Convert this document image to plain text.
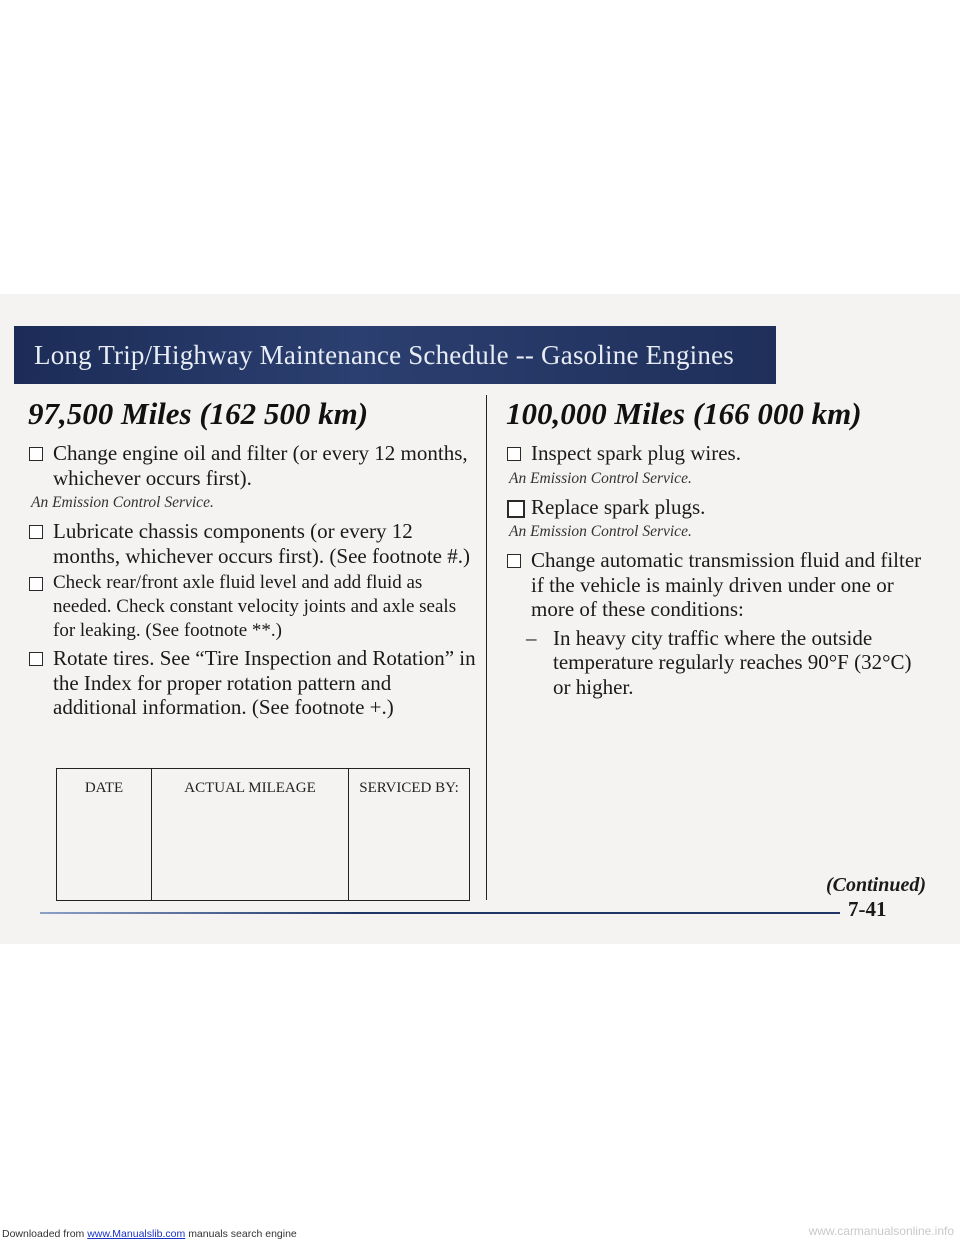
Long Trip/Highway Maintenance Schedule -- Gasoline Engines
97,500 Miles (162 500 km)
Change engine oil and filter (or every 12 months, whichever occurs first).
An Emission Control Service.
Lubricate chassis components (or every 12 months, whichever occurs first). (See footnote #.)
Check rear/front axle fluid level and add fluid as needed. Check constant velocity joints and axle seals for leaking. (See footnote **.)
Rotate tires. See “Tire Inspection and Rotation” in the Index for proper rotation pattern and additional information. (See footnote +.)
DATE	ACTUAL MILEAGE	SERVICED BY:

100,000 Miles (166 000 km)
Inspect spark plug wires.
An Emission Control Service.
Replace spark plugs.
An Emission Control Service.
Change automatic transmission fluid and filter if the vehicle is mainly driven under one or more of these conditions:
– In heavy city traffic where the outside temperature regularly reaches 90°F (32°C) or higher.
(Continued)
7-41
Downloaded from www.Manualslib.com manuals search engine	www.carmanualsonline.info
